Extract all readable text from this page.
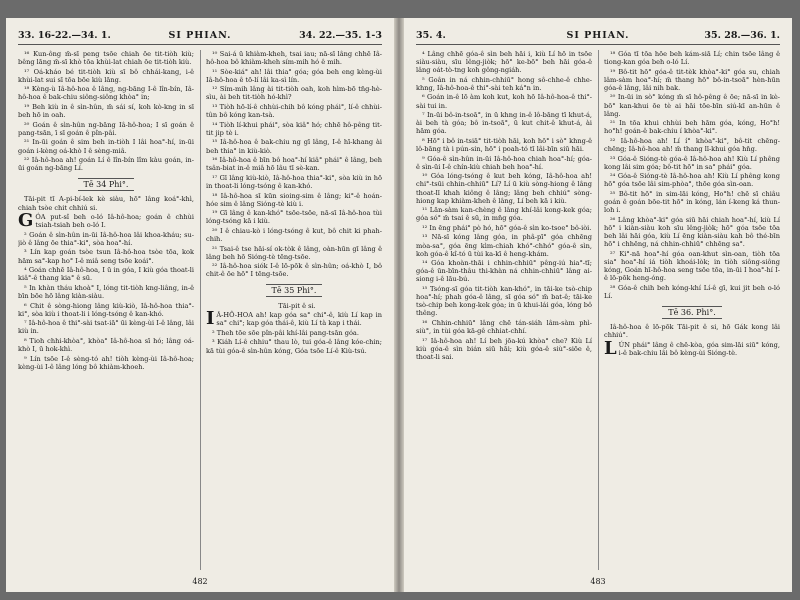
33. 16-22.—34. 1.	SI PHIAN.	34. 22.—35. 1-3

¹⁶ Kun-ông m̄-sī peng tsōe chiah ōe tit-tiòh kiù; bêng lāng m̄-sī khò tōa khùi-lat chiah ōe tit-tiòh kiù.

¹⁷ Oá-kháo bé tit-tiòh kiù sī bô chhái-kang, i-ê khùi-lat sui sī tōa bōe kiù lāng.

¹⁸ Kèng-ù Iâ-hô-hoa ê lâng, ng-bāng I-ê lîn-bín, Iâ-hô-hoa ê bak-chiu siông-siông khòa° in;

¹⁹ Beh kiù in ê sìn-hûn, m̄ sái sí, koh kò-kng in sī beh hō in oah.

²⁰ Goán ê sìn-hûn ng-bāng Iâ-hô-hoa; I sī goán ê pang-tsān, ī sī goán ê pîn-pâi.

²¹ In-ūi goán ê sim beh in-tiòh I lâi hoa°-hí, in-ūi goán i-kèng oá-khò I ê sèng-miâ.

²² Iâ-hô-hoa ah! goán Lí ê lîn-bín lîm kàu goán, in-ūi goán ng-bāng Lí.

Tē 34 Phi°.

Tāi-pit tī A-pi-bí-lek kè siàu, hō° lâng koá°-khì, chiah tsòe chit chhiú si.

GÓA put-sî beh o-ló Iâ-hô-hoa; goán ê chhùi tsiah-tsiah beh o-ló I.

² Goán ê sìn-hûn in-ūi Iâ-hô-hoa lâi khoa-kháu; su-jiò ê lâng ōe thia°-ki°, sòa hoa°-hí.

³ Lín kap goán tsòe tsun Iâ-hô-hoa tsòe tōa, kok hām sa°-kap ho° I-ê miâ seng tsōe koái°.

⁴ Goán chhē Iâ-hô-hoa, I ū in góa, I kiù góa thoat-li kiâ°-ê thang kia° ê sū.

⁵ In khàn tháu khoà° I, lóng tit-tiòh kng-liâng, in-ê bīn bōe hō lâng kiàn-siàu.

⁶ Chit ê sòng-hiong lâng kiù-kiò, Iâ-hô-hoa thia°-ki°, sòa kiù i thoat-li i lóng-tsóng ê kan-khó.

⁷ Iâ-hô-hoa ê thi°-sài tsat-iā° ūi kèng-ùi I-ê lâng, lâi kiù in.

⁸ Tioh chhi-khòa°, khòa° Iâ-hô-hoa sī hó; lâng oá-khò I, ū hok-khì.

⁹ Lín tsōe I-ê sèng-tó ah! tiòh kèng-ùi Iâ-hô-hoa; kèng-ùi I-ê lâng lóng bô khiàm-khoeh.

¹⁰ Sai-á ū khiàm-kheh, tsai iau; nā-sī lâng chhē Iâ-hô-hoa bô khiàm-kheh sím-mih hó ê mih.

¹¹ Sòe-kiá° ah! lâi thia° góa; góa beh eng kèng-ùi Iâ-hô-hoa ê tō-lí lâi ka-sì lín.

¹² Sím-mih lâng ài tit-tiòh oah, koh hìm-bō tn̄g-hè-sìu, ài beh tit-tiòh hó-khì?

¹³ Tiòh hō-lí-ê chhùi-chih bô kóng phái°, lí-ê chhùi-tûn bô kóng kan-tsà.

¹⁴ Tiòh lí-khui phái°, sòa kiâ° hó; chhē hô-pêng tit-tit jip tè i.

¹⁵ Iâ-hô-hoa ê bak-chiu ng gī lâng, I-ê hī-khang ài beh thia° in kiù-kiò.

¹⁶ Iâ-hô-hoa ê bīn bô hoa°-hí kiâ° phái° ê lâng, beh tsân-biat in-ê miâ hō lâu tī sè-kan.

¹⁷ Gī lâng kiù-kiò, Iâ-hô-hoa thia°-ki°, sòa kiù in hō in thoat-li lóng-tsóng ê kan-khó.

¹⁸ Iâ-hô-hoa sī kūn sioing-sim ê lâng; ki°-ê hoán-hóe sim ê lâng Sióng-tè kiù i.

¹⁹ Gī lâng ê kan-khó° tsōe-tsōe, nā-sī Iâ-hô-hoa tùi lóng-tsóng kā i kiù.

²⁰ I ê chiau-kò i lóng-tsóng ê kut, bô chit ki phah-chih.

²¹ Tsai-ê tse hāi-sí ok-tòk ê lâng, oàn-hūn gī lâng ê lâng beh hō Sióng-tè tēng-tsōe.

²² Iâ-hô-hoa siók I-ê lō-pōk ê sìn-hûn; oá-khò I, bô chit-ê ōe hō° I tēng-tsōe.

Tē 35 Phi°.

Tāi-pit ê si.

I Â-HÔ-HOA ah! kap góa sa° chi°-ê, kiù Lí kap in sa° chi°; kap góa thái-ê, kiù Lí tà kap i thái.

² Theh tōe sōe pîn-pâi khí-lâi pang-tsān góa.

³ Kiáh Lí-ê chhiu° thau lò, tui góa-ê lâng kóe-chin; kā tùi góa-ê sìn-hûn kóng, Góa tsōe Lí-ê Kiù-tsú.

482
35. 4.	SI PHIAN.	35. 28.—36. 1.

⁴ Lâng chhē góa-ê sìn beh hāi i, kiù Lí hō in tsōe siàu-siàu, sīu lêng-jiòk; hō° ke-bō° beh hāi góa-ê lâng oát-tò-tng koh gông-ngiáh.

⁵ Goân in ná chhin-chhiū° hong sô-chhe-ê chhe-khng, Iâ-hô-hoa-ê thi°-sài teh ká°n in.

⁶ Goán in-ê lō àm koh kut, koh hō Iâ-hô-hoa-ê thi°-sài tui in.

⁷ In-ūi bô-in-tsoā°, in ū khng in-ê lô-bāng tī khut-á, ài beh tà góa; bô in-tsoā°, ū kut chit-ê khut-á, ài hām góa.

⁸ Hō° i bô in-tsiā° tit-tiòh hāi, koh hō° i sò° khng-ê lô-bāng tà i pún-sin, hō° i poah-tó tī lâi-bīn siū hāi.

⁹ Góa-ê sìn-hûn in-ūi Iâ-hô-hoa chiah hoa°-hí; góa-ê sìn-ūi I-ê chín-kiù chiah beh hoa°-hí.

¹⁰ Góa lóng-tsóng ê kut beh kóng, Iâ-hô-hoa ah! chi°-tsūi chhin-chhiū° Lí? Lí ū kiù sòng-hiong ê lâng thoat-lī khah kiông ê lâng; lâng beh chhiú° sòng-hiong kap khiàm-kheh ê lâng, Lí beh kā i kiù.

¹¹ Lān-sàm kan-chèng ê lâng khí-lâi kong-kek góa; góa só° m̄ tsai ê sū, in mn̄g góa.

¹² In ēng phái° pò hó, hō° góa-ê sìn ko-tsoe° bô-iòi.

¹³ Nā-sī kóng lâng góa, in phâ-pī° góa chhēng mòa-sa°, góa ēng kìm-chiah khó°-chhó° góa-ê sìn, koh góa-ê kî-tó ū tùi ka-kī ê heng-khám.

¹⁴ Góa khoàn-thāi i chhin-chhiū° pêng-iú hia°-tī; góa-ê ūn-bīn-thâu thi-khàn ná chhin-chhiū° lâng ai-siong i-ê lāu-bú.

¹⁵ Tsóng-sī góa tit-tiòh kan-khó°, in tāi-ke tsò-chip hoa°-hí; phah góa-ê lâng, sī góa só° m̄ bat-ê; tāi-ke tsò-chip beh kong-kek góa; in ū khui-lái góa, lóng bô thêng.

¹⁶ Chhin-chhiū° lâng chē tán-siáh lâm-sàm phì-siù°, in tùi góa kā-gê chhiat-chhí.

¹⁷ Iâ-hô-hoa ah! Lí beh jōa-kú khòa° che? Kiù Lí kiù góa-ê sìn bián siū hāi; kiù góa-ê siù°-siōe ê, thoat-li sai.

¹⁸ Góa tī tōa hōe beh kám-siā Lí; chin tsōe lâng ê tiong-kan góa beh o-ló Lí.

¹⁹ Bô-tit hō° góa-ê tit-tèk khòa°-ki° góa su, chiah lâm-sàm hoa°-hí; m̄ thang hō° bô-in-tsoā° hèn-hūn góa-ê lâng, lâi nih bak.

²⁰ In-ūi in sò° kóng m̄ sī hô-pêng ê ōe; nā-sī in kè-bō° kan-khui ōe tè ai hāi tōe-bīn siú-kī an-hūn ê lâng.

²¹ In tōa khui chhùi beh hām góa, kóng, Ho°h! ho°h! goán-ê bak-chiu í khòa°-ki°.

²² Iâ-hô-hoa ah! Lí í° khòa°-ki°, bô-tit chēng-chēng; Iâ-hô-hoa ah! m̄ thang lī-khui góa hn̄g.

²³ Góa-ê Sióng-tè góa-ê Iâ-hô-hoa ah! Kiù Lí phêng kong lâi sim góa; bô-tit hō° in sa° phái° góa.

²⁴ Góa-ê Sióng-tè Iâ-hô-hoa ah! Kiù Lí phêng kong hō° góa tsōe lâi sim-phòa°, thōe góa sìn-oan.

²⁵ Bô-tit hō° in sim-lāi kóng, Ho°h! chē sī chiâu goán ê goán bōe-tit hō° in kóng, lán í-keng ká thun-loh i.

²⁶ Lâng khòa°-ki° góa siū hāi chiah hoa°-hí, kiù Lí hō° i kiàn-siàu koh sīu lêng-jiòk; hō° góa tsōe tōa beh lâi hāi góa, kiù Lí ēng kiàn-siàu kah bô thé-bīn hō° i chhēng, ná chhin-chhiū° chhēng sa°.

²⁷ Ki°-nā hoa°-hí góa oan-khut sìn-oan, tiòh tōa sia° hoa°-hí iá tiòh khoái-lòk; in tiòh siông-siông kóng, Goán hī-hô-hoa seng tsōe tōa, in-ūi I hoa°-hí I-ê lō-pōk heng-óng.

²⁸ Góa-ê chih beh kóng-khí Lí-ê gī, kui jit beh o-ló Lí.

Tē 36. Phi°.

Iâ-hô-hoa ê lō-pōk Tāi-pit ê si, hō Gák kong lâi chhiú°.

LÚN phái° lâng ê chē-kòa, góa sim-lāi siū° kóng, i-ê bak-chiu lâi bô kèng-ùi Sióng-tè.

483
